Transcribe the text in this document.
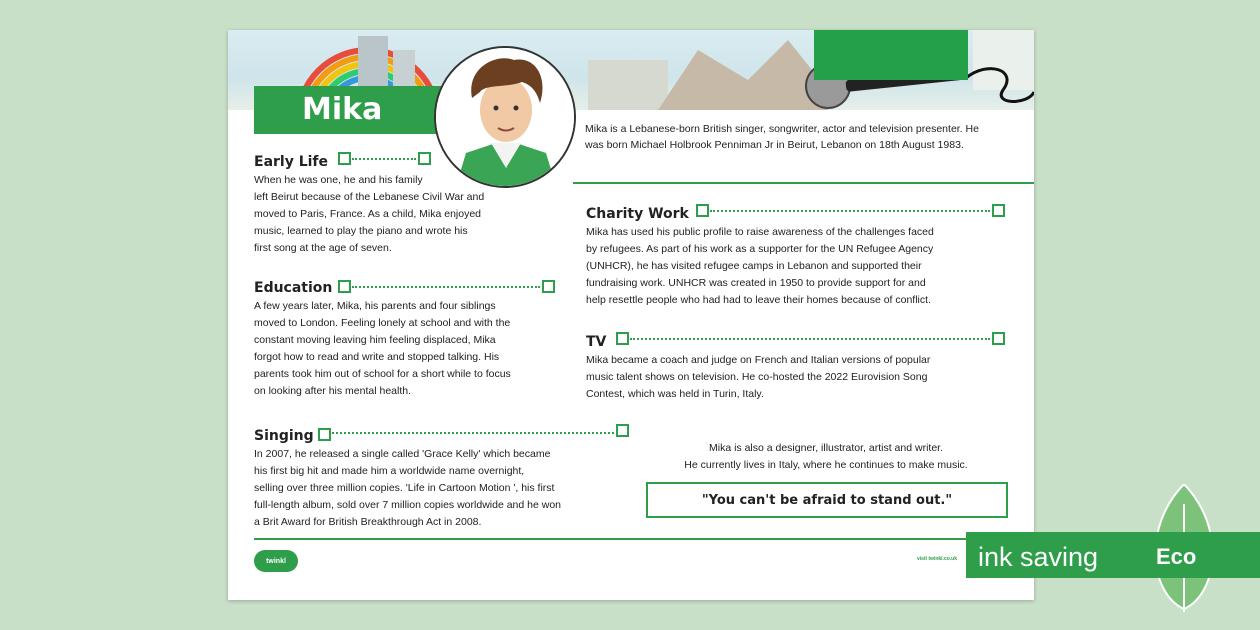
Mika
Mika is a Lebanese-born British singer, songwriter, actor and television presenter. He was born Michael Holbrook Penniman Jr in Beirut, Lebanon on 18th August 1983.
Early Life
When he was one, he and his family
left Beirut because of the Lebanese Civil War and
moved to Paris, France. As a child, Mika enjoyed
music, learned to play the piano and wrote his
first song at the age of seven.
Education
A few years later, Mika, his parents and four siblings
moved to London. Feeling lonely at school and with the
constant moving leaving him feeling displaced, Mika
forgot how to read and write and stopped talking. His
parents took him out of school for a short while to focus
on looking after his mental health.
Singing
In 2007, he released a single called 'Grace Kelly' which became
his first big hit and made him a worldwide name overnight,
selling over three million copies. 'Life in Cartoon Motion ', his first
full-length album, sold over 7 million copies worldwide and he won
a Brit Award for British Breakthrough Act in 2008.
Charity Work
Mika has used his public profile to raise awareness of the challenges faced
by refugees. As part of his work as a supporter for the UN Refugee Agency
(UNHCR), he has visited refugee camps in Lebanon and supported their
fundraising work. UNHCR was created in 1950 to provide support for and
help resettle people who had had to leave their homes because of conflict.
TV
Mika became a coach and judge on French and Italian versions of popular
music talent shows on television. He co-hosted the 2022 Eurovision Song
Contest, which was held in Turin, Italy.
Mika is also a designer, illustrator, artist and writer.
He currently lives in Italy, where he continues to make music.
"You can't be afraid to stand out."
twinkl	visit twinkl.co.uk ink saving	Eco
